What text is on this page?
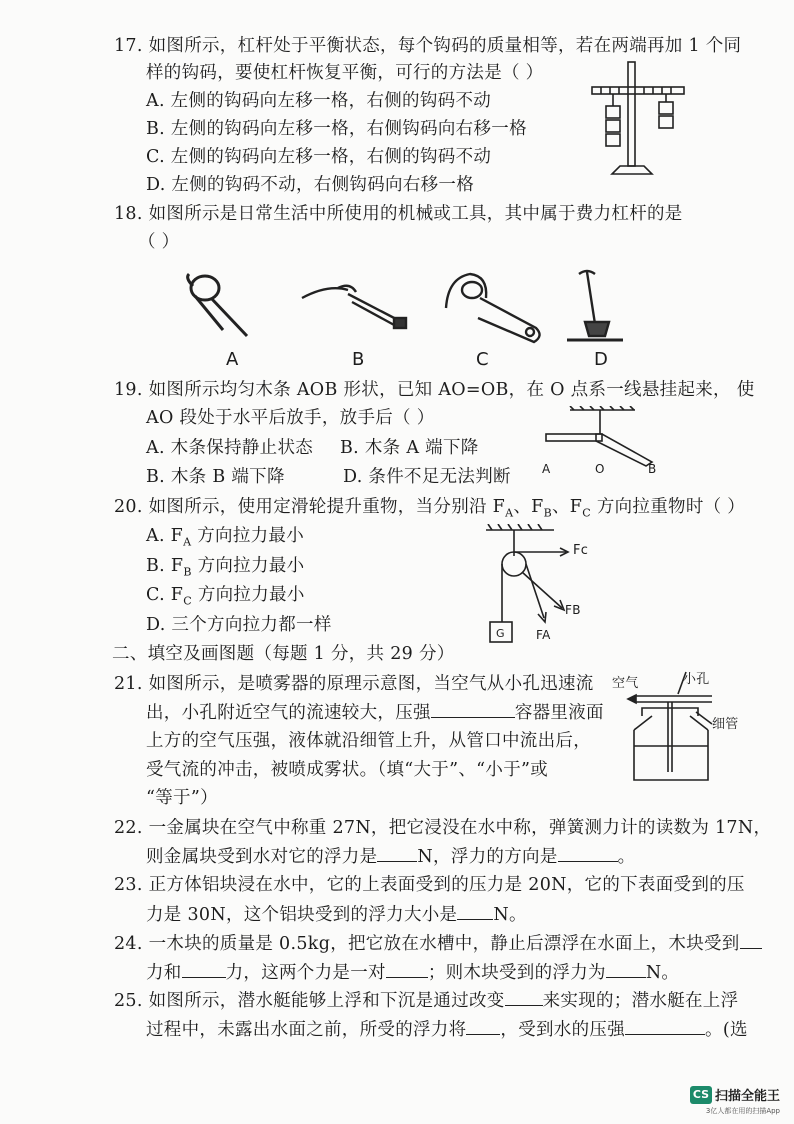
17. 如图所示，杠杆处于平衡状态，每个钩码的质量相等，若在两端再加 1 个同
样的钩码，要使杠杆恢复平衡，可行的方法是（ ）
A. 左侧的钩码向左移一格，右侧的钩码不动
B. 左侧的钩码向左移一格，右侧钩码向右移一格
C. 左侧的钩码向左移一格，右侧的钩码不动
D. 左侧的钩码不动，右侧钩码向右移一格
18. 如图所示是日常生活中所使用的机械或工具，其中属于费力杠杆的是
（ ）
A	B	C	D
19. 如图所示均匀木条 AOB 形状，已知 AO=OB，在 O 点系一线悬挂起来， 使
AO 段处于水平后放手，放手后（ ）
A. 木条保持静止状态 B. 木条 A 端下降
B. 木条 B 端下降	D. 条件不足无法判断	A	O	B
20. 如图所示，使用定滑轮提升重物，当分别沿 $F_A$、$F_B$、$F_C$ 方向拉重物时（ ）
A. $F_A$ 方向拉力最小
B. $F_B$ 方向拉力最小
C. $F_C$ 方向拉力最小
D. 三个方向拉力都一样
Fc
FB
FA
G
二、填空及画图题（每题 1 分，共 29 分）
21. 如图所示，是喷雾器的原理示意图，当空气从小孔迅速流
出，小孔附近空气的流速较大，压强	容器里液面
上方的空气压强，液体就沿细管上升，从管口中流出后，
受气流的冲击，被喷成雾状。（填“大于”、“小于”或
“等于”）
空气	小孔
细管
22. 一金属块在空气中称重 27N，把它浸没在水中称，弹簧测力计的读数为 17N，
则金属块受到水对它的浮力是 N，浮力的方向是	。
23. 正方体铝块浸在水中，它的上表面受到的压力是 20N，它的下表面受到的压
力是 30N，这个铝块受到的浮力大小是 N。
24. 一木块的质量是 0.5kg，把它放在水槽中，静止后漂浮在水面上，木块受到
力和	力，这两个力是一对 ；则木块受到的浮力为 N。
25. 如图所示，潜水艇能够上浮和下沉是通过改变 来实现的；潜水艇在上浮
过程中，未露出水面之前，所受的浮力将 ，受到水的压强	。(选
CS 扫描全能王
3亿人都在用的扫描App
